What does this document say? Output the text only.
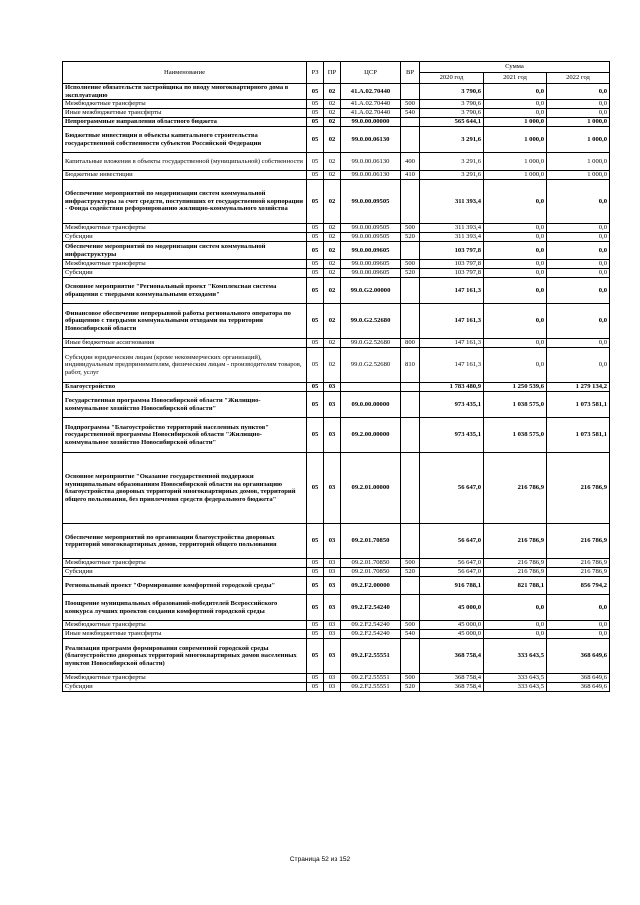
Наименование	РЗ	ПР	ЦСР	ВР	Сумма		
					2020 год	2021 год	2022 год
Исполнение обязательств застройщика по вводу многоквартирного дома в эксплуатацию	05	02	41.А.02.70440		3 790,6	0,0	0,0
Межбюджетные трансферты	05	02	41.А.02.70440	500	3 790,6	0,0	0,0
Иные межбюджетные трансферты	05	02	41.А.02.70440	540	3 790,6	0,0	0,0
Непрограммные направления областного бюджета	05	02	99.0.00.00000		565 644,1	1 000,0	1 000,0
Бюджетные инвестиции в объекты капитального строительства государственной собственности субъектов Российской Федерации	05	02	99.0.00.06130		3 291,6	1 000,0	1 000,0
Капитальные вложения в объекты государственной (муниципальной) собственности	05	02	99.0.00.06130	400	3 291,6	1 000,0	1 000,0
Бюджетные инвестиции	05	02	99.0.00.06130	410	3 291,6	1 000,0	1 000,0
Обеспечение мероприятий по модернизации систем коммунальной инфраструктуры за счет средств, поступивших от государственной корпорации - Фонда содействия реформированию жилищно-коммунального хозяйства	05	02	99.0.00.09505		311 393,4	0,0	0,0
Межбюджетные трансферты	05	02	99.0.00.09505	500	311 393,4	0,0	0,0
Субсидии	05	02	99.0.00.09505	520	311 393,4	0,0	0,0
Обеспечение мероприятий по модернизации систем коммунальной инфраструктуры	05	02	99.0.00.09605		103 797,8	0,0	0,0
Межбюджетные трансферты	05	02	99.0.00.09605	500	103 797,8	0,0	0,0
Субсидии	05	02	99.0.00.09605	520	103 797,8	0,0	0,0
Основное мероприятие "Региональный проект "Комплексная система обращения с твердыми коммунальными отходами"	05	02	99.0.G2.00000		147 161,3	0,0	0,0
Финансовое обеспечение непрерывной работы регионального оператора по обращению с твердыми коммунальными отходами на территории Новосибирской области	05	02	99.0.G2.52680		147 161,3	0,0	0,0
Иные бюджетные ассигнования	05	02	99.0.G2.52680	800	147 161,3	0,0	0,0
Субсидии юридическим лицам (кроме некоммерческих организаций), индивидуальным предпринимателям, физическим лицам - производителям товаров, работ, услуг	05	02	99.0.G2.52680	810	147 161,3	0,0	0,0
Благоустройство	05	03			1 783 480,9	1 250 539,6	1 279 134,2
Государственная программа Новосибирской области "Жилищно-коммунальное хозяйство Новосибирской области"	05	03	09.0.00.00000		973 435,1	1 038 575,0	1 073 581,1
Подпрограмма "Благоустройство территорий населенных пунктов" государственной программы Новосибирской области "Жилищно-коммунальное хозяйство Новосибирской области"	05	03	09.2.00.00000		973 435,1	1 038 575,0	1 073 581,1
Основное мероприятие "Оказание государственной поддержки муниципальным образованиям Новосибирской области на организацию благоустройства дворовых территорий многоквартирных домов, территорий общего пользования, без привлечения средств федерального бюджета"	05	03	09.2.01.00000		56 647,0	216 786,9	216 786,9
Обеспечение мероприятий по организации благоустройства дворовых территорий многоквартирных домов, территорий общего пользования	05	03	09.2.01.70850		56 647,0	216 786,9	216 786,9
Межбюджетные трансферты	05	03	09.2.01.70850	500	56 647,0	216 786,9	216 786,9
Субсидии	05	03	09.2.01.70850	520	56 647,0	216 786,9	216 786,9
Региональный проект "Формирование комфортной городской среды"	05	03	09.2.F2.00000		916 788,1	821 788,1	856 794,2
Поощрение муниципальных образований-победителей Всероссийского конкурса лучших проектов создания комфортной городской среды	05	03	09.2.F2.54240		45 000,0	0,0	0,0
Межбюджетные трансферты	05	03	09.2.F2.54240	500	45 000,0	0,0	0,0
Иные межбюджетные трансферты	05	03	09.2.F2.54240	540	45 000,0	0,0	0,0
Реализация программ формирования современной городской среды (благоустройство дворовых территорий многоквартирных домов населенных пунктов Новосибирской области)	05	03	09.2.F2.55551		368 758,4	333 643,5	368 649,6
Межбюджетные трансферты	05	03	09.2.F2.55551	500	368 758,4	333 643,5	368 649,6
Субсидии	05	03	09.2.F2.55551	520	368 758,4	333 643,5	368 649,6
Страница 52 из 152
